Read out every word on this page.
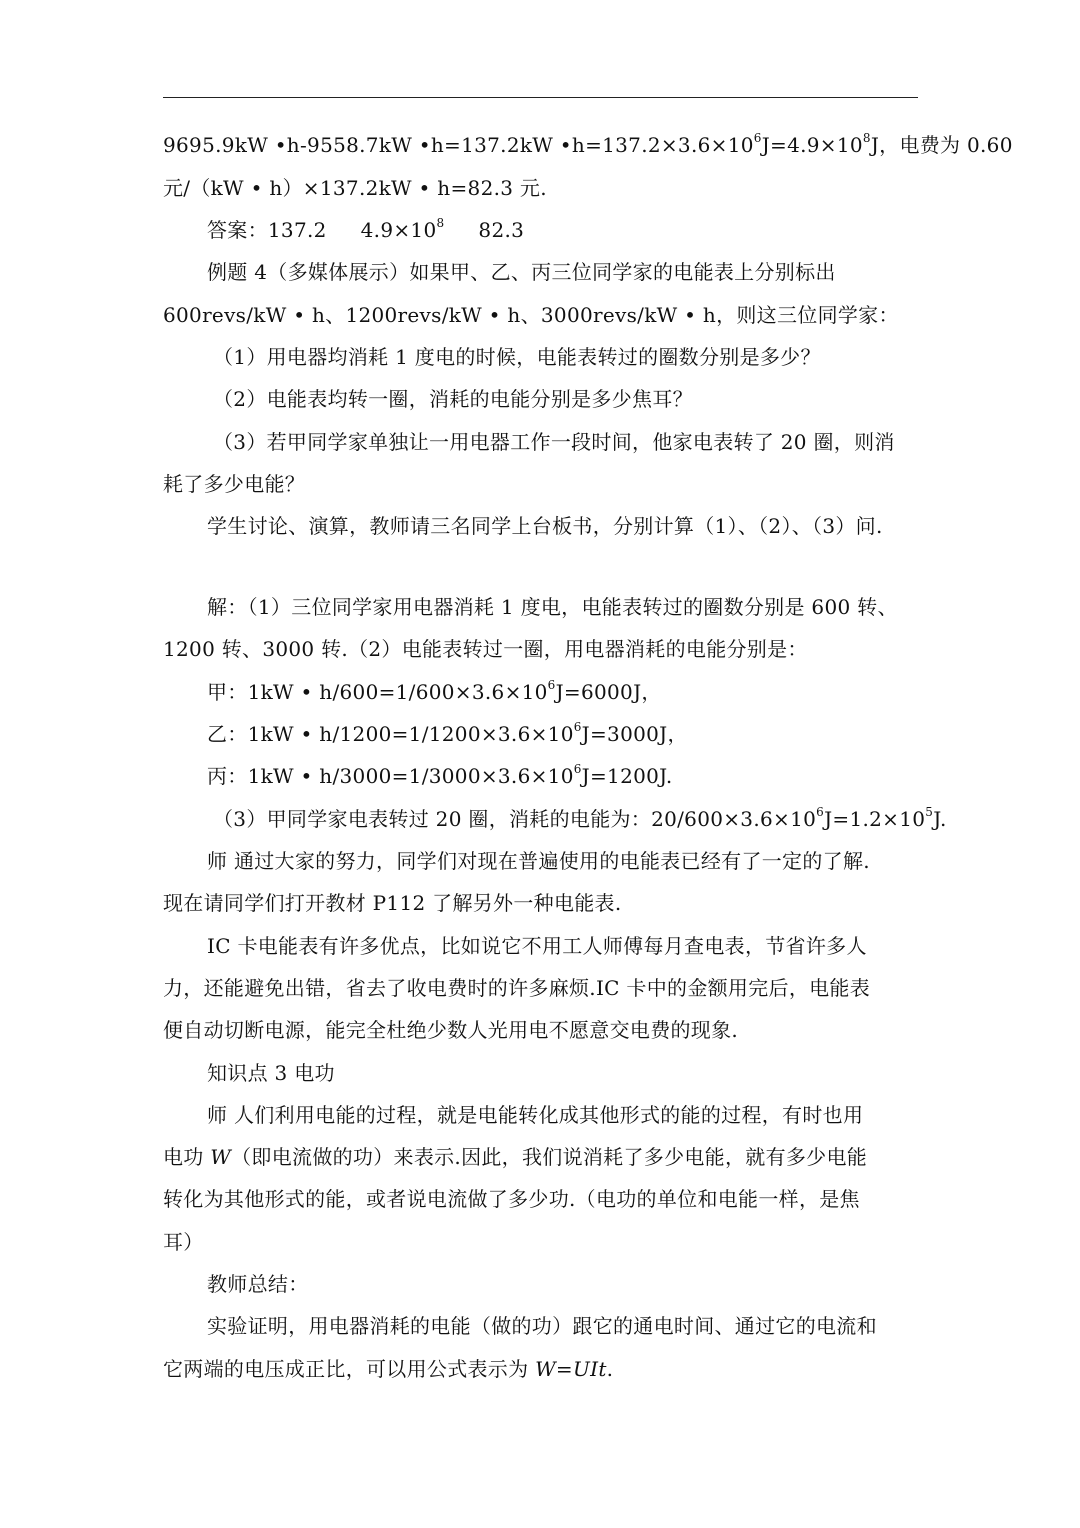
9695.9kW •h-9558.7kW •h=137.2kW $•h=137.2\times 3.6\times 10^6J=4.9\times 10^8J$，电费为 0.60
元/（kW • h）×137.2kW • h=82.3 元.
答案：137.2 $4.9\times 10^8$ 82.3
例题 4（多媒体展示）如果甲、乙、丙三位同学家的电能表上分别标出
600revs/kW • h、1200revs/kW • h、3000revs/kW • h，则这三位同学家：
（1）用电器均消耗 1 度电的时候，电能表转过的圈数分别是多少？
（2）电能表均转一圈，消耗的电能分别是多少焦耳？
（3）若甲同学家单独让一用电器工作一段时间，他家电表转了 20 圈，则消
耗了多少电能？
学生讨论、演算，教师请三名同学上台板书，分别计算（1）、（2）、（3）问.
解：（1）三位同学家用电器消耗 1 度电，电能表转过的圈数分别是 600 转、
1200 转、3000 转.（2）电能表转过一圈，用电器消耗的电能分别是：
甲：1kW • $h/600=1/600\times 3.6\times 10^6J=6000J$，
乙：1kW • $h/1200=1/1200\times 3.6\times 10^6J=3000J$，
丙：1kW • $h/3000=1/3000\times 3.6\times 10^6J=1200J$.
（3）甲同学家电表转过 20 圈，消耗的电能为：$20/600\times 3.6\times 10^6J=1.2\times 10^5J$.
师 通过大家的努力，同学们对现在普遍使用的电能表已经有了一定的了解.
现在请同学们打开教材 P112 了解另外一种电能表.
IC 卡电能表有许多优点，比如说它不用工人师傅每月查电表，节省许多人
力，还能避免出错，省去了收电费时的许多麻烦.IC 卡中的金额用完后，电能表
便自动切断电源，能完全杜绝少数人光用电不愿意交电费的现象.
知识点 3 电功
师 人们利用电能的过程，就是电能转化成其他形式的能的过程，有时也用
电功 W（即电流做的功）来表示.因此，我们说消耗了多少电能，就有多少电能
转化为其他形式的能，或者说电流做了多少功.（电功的单位和电能一样，是焦
耳）
教师总结：
实验证明，用电器消耗的电能（做的功）跟它的通电时间、通过它的电流和
它两端的电压成正比，可以用公式表示为 W=UIt.
